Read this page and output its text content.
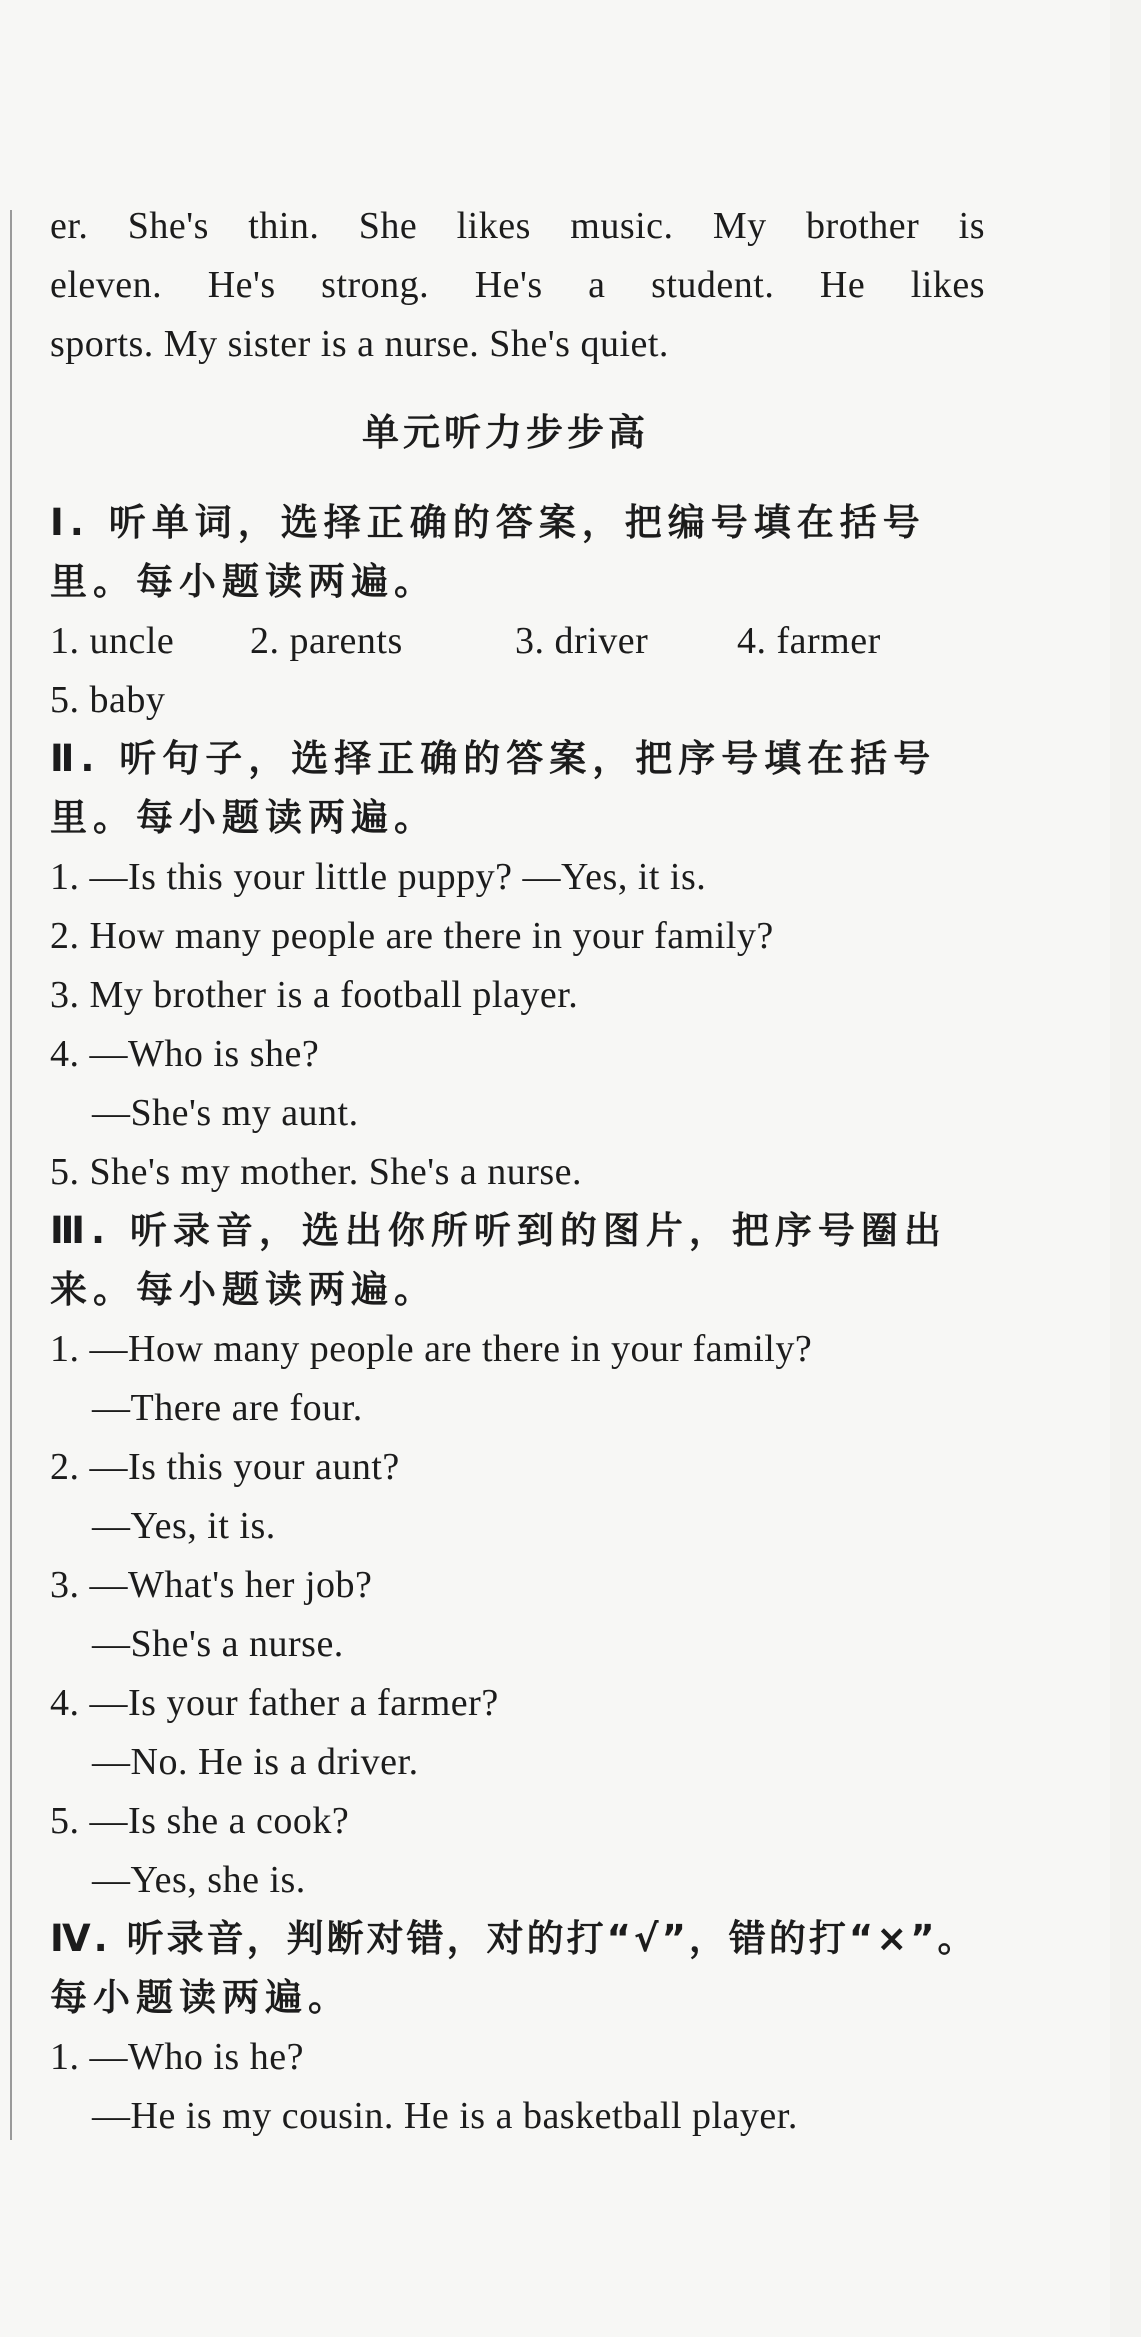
er. She's thin. She likes music. My brother is
eleven. He's strong. He's a student. He likes
sports. My sister is a nurse. She's quiet.
单元听力步步高
Ⅰ. 听单词，选择正确的答案，把编号填在括号
里。每小题读两遍。
1. uncle 2. parents	3. driver 4. farmer
5. baby
Ⅱ. 听句子，选择正确的答案，把序号填在括号
里。每小题读两遍。
1. —Is this your little puppy? —Yes, it is.
2. How many people are there in your family?
3. My brother is a football player.
4. —Who is she?
—She's my aunt.
5. She's my mother. She's a nurse.
Ⅲ. 听录音，选出你所听到的图片，把序号圈出
来。每小题读两遍。
1. —How many people are there in your family?
—There are four.
2. —Is this your aunt?
—Yes, it is.
3. —What's her job?
—She's a nurse.
4. —Is your father a farmer?
—No. He is a driver.
5. —Is she a cook?
—Yes, she is.
Ⅳ. 听录音，判断对错，对的打“√”，错的打“×”。
每小题读两遍。
1. —Who is he?
—He is my cousin. He is a basketball player.
